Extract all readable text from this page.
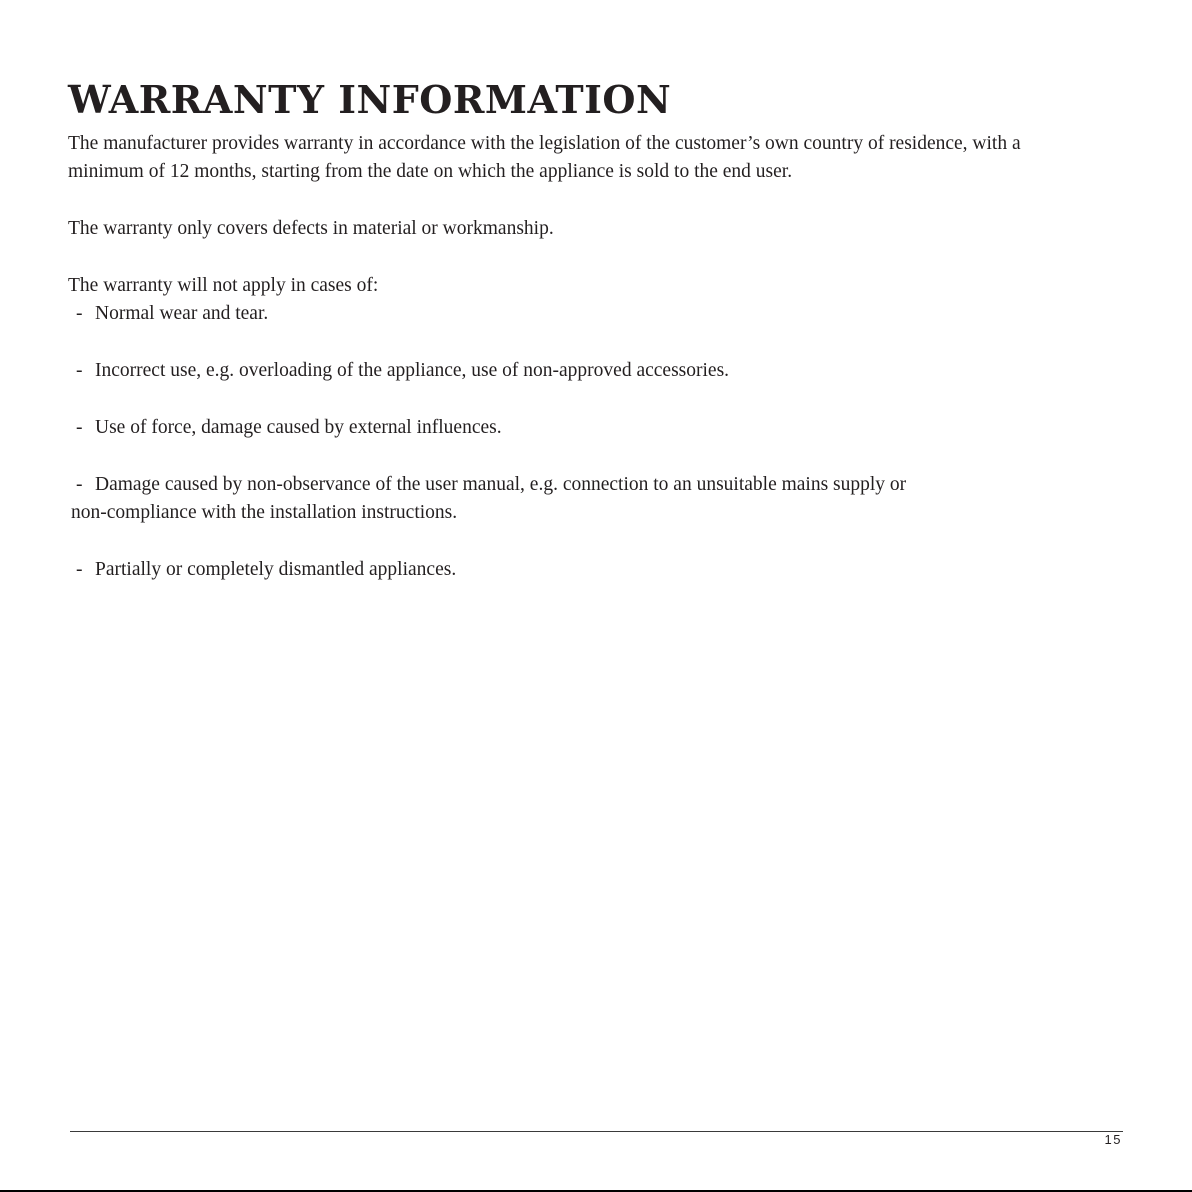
WARRANTY INFORMATION

The manufacturer provides warranty in accordance with the legislation of the customer’s own country of residence, with a

minimum of 12 months, starting from the date on which the appliance is sold to the end user.

The warranty only covers defects in material or workmanship.

The warranty will not apply in cases of:

- Normal wear and tear.
- Incorrect use, e.g. overloading of the appliance, use of non-approved accessories.
- Use of force, damage caused by external influences.
- Damage caused by non-observance of the user manual, e.g. connection to an unsuitable mains supply or
non-compliance with the installation instructions.
- Partially or completely dismantled appliances.
15
